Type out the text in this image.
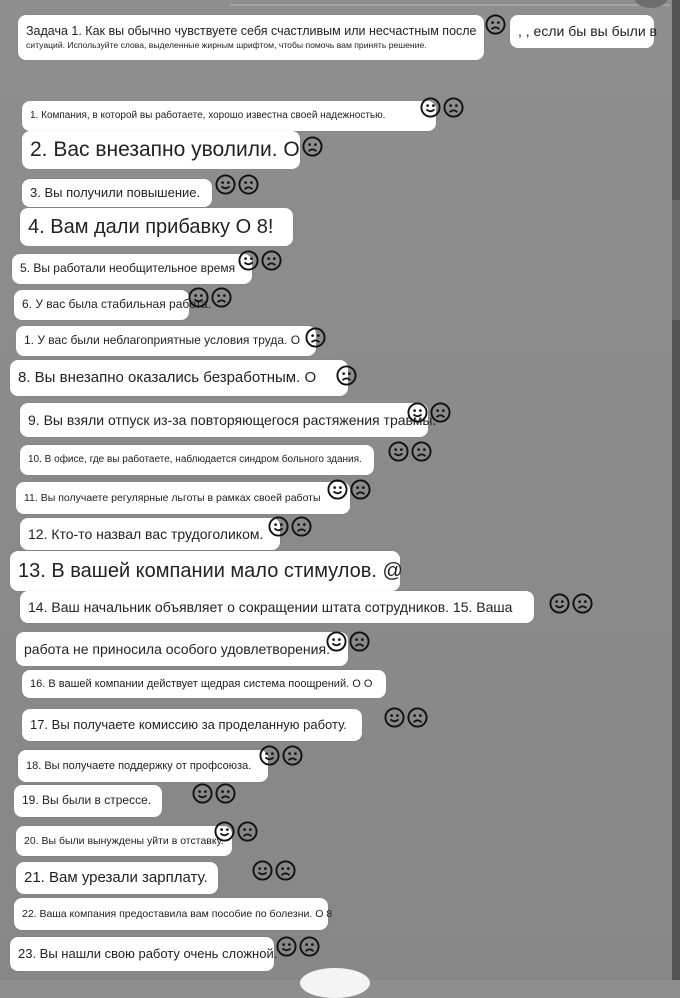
Задача 1. Как вы обычно чувствуете себя счастливым или несчастным после
ситуаций. Используйте слова, выделенные жирным шрифтом, чтобы помочь вам принять решение.
, , если бы вы были в
1. Компания, в которой вы работаете, хорошо известна своей надежностью.
2. Вас внезапно уволили. О
3. Вы получили повышение.
4. Вам дали прибавку О 8!
5. Вы работали необщительное время
6. У вас была стабильная работа.
1. У вас были неблагоприятные условия труда. О
8. Вы внезапно оказались безработным. О
9. Вы взяли отпуск из-за повторяющегося растяжения травмы.
10. В офисе, где вы работаете, наблюдается синдром больного здания.
11. Вы получаете регулярные льготы в рамках своей работы
12. Кто-то назвал вас трудоголиком.
13. В вашей компании мало стимулов. @
14. Ваш начальник объявляет о сокращении штата сотрудников. 15. Ваша
работа не приносила особого удовлетворения.
16. В вашей компании действует щедрая система поощрений. О О
17. Вы получаете комиссию за проделанную работу.
18. Вы получаете поддержку от профсоюза.
19. Вы были в стрессе.
20. Вы были вынуждены уйти в отставку.
21. Вам урезали зарплату.
22. Ваша компания предоставила вам пособие по болезни. О 8
23. Вы нашли свою работу очень сложной.
